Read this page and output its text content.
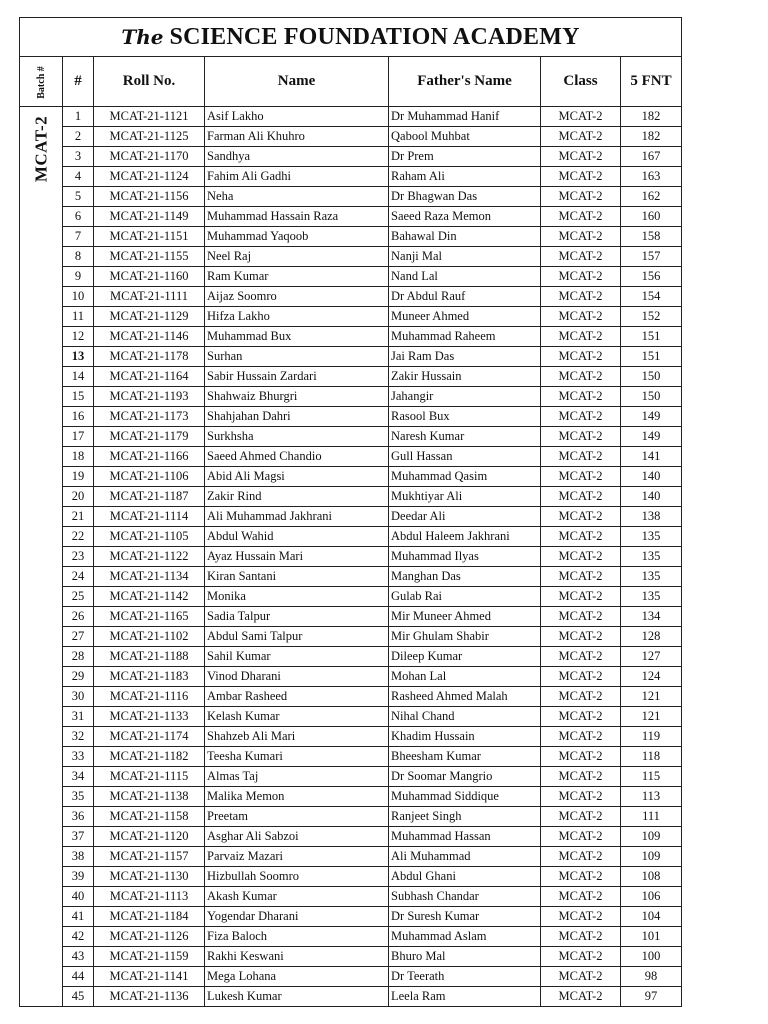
The SCIENCE FOUNDATION ACADEMY						
Batch #	#	Roll No.	Name	Father's Name	Class	5 FNT

MCAT-2	1	MCAT-21-1121	Asif Lakho	Dr Muhammad Hanif	MCAT-2	182
	2	MCAT-21-1125	Farman Ali Khuhro	Qabool Muhbat	MCAT-2	182
	3	MCAT-21-1170	Sandhya	Dr Prem	MCAT-2	167
	4	MCAT-21-1124	Fahim Ali Gadhi	Raham Ali	MCAT-2	163
	5	MCAT-21-1156	Neha	Dr Bhagwan Das	MCAT-2	162
	6	MCAT-21-1149	Muhammad Hassain Raza	Saeed Raza Memon	MCAT-2	160
	7	MCAT-21-1151	Muhammad Yaqoob	Bahawal Din	MCAT-2	158
	8	MCAT-21-1155	Neel Raj	Nanji Mal	MCAT-2	157
	9	MCAT-21-1160	Ram Kumar	Nand Lal	MCAT-2	156
	10	MCAT-21-1111	Aijaz Soomro	Dr Abdul Rauf	MCAT-2	154
	11	MCAT-21-1129	Hifza Lakho	Muneer Ahmed	MCAT-2	152
	12	MCAT-21-1146	Muhammad Bux	Muhammad Raheem	MCAT-2	151
	13	MCAT-21-1178	Surhan	Jai Ram Das	MCAT-2	151
	14	MCAT-21-1164	Sabir Hussain Zardari	Zakir Hussain	MCAT-2	150
	15	MCAT-21-1193	Shahwaiz Bhurgri	Jahangir	MCAT-2	150
	16	MCAT-21-1173	Shahjahan Dahri	Rasool Bux	MCAT-2	149
	17	MCAT-21-1179	Surkhsha	Naresh Kumar	MCAT-2	149
	18	MCAT-21-1166	Saeed Ahmed Chandio	Gull Hassan	MCAT-2	141
	19	MCAT-21-1106	Abid Ali Magsi	Muhammad Qasim	MCAT-2	140
	20	MCAT-21-1187	Zakir Rind	Mukhtiyar Ali	MCAT-2	140
	21	MCAT-21-1114	Ali Muhammad Jakhrani	Deedar Ali	MCAT-2	138
	22	MCAT-21-1105	Abdul Wahid	Abdul Haleem Jakhrani	MCAT-2	135
	23	MCAT-21-1122	Ayaz Hussain Mari	Muhammad Ilyas	MCAT-2	135
	24	MCAT-21-1134	Kiran Santani	Manghan Das	MCAT-2	135
	25	MCAT-21-1142	Monika	Gulab Rai	MCAT-2	135
	26	MCAT-21-1165	Sadia Talpur	Mir Muneer Ahmed	MCAT-2	134
	27	MCAT-21-1102	Abdul Sami Talpur	Mir Ghulam Shabir	MCAT-2	128
	28	MCAT-21-1188	Sahil Kumar	Dileep Kumar	MCAT-2	127
	29	MCAT-21-1183	Vinod Dharani	Mohan Lal	MCAT-2	124
	30	MCAT-21-1116	Ambar Rasheed	Rasheed Ahmed Malah	MCAT-2	121
	31	MCAT-21-1133	Kelash Kumar	Nihal Chand	MCAT-2	121
	32	MCAT-21-1174	Shahzeb Ali Mari	Khadim Hussain	MCAT-2	119
	33	MCAT-21-1182	Teesha Kumari	Bheesham Kumar	MCAT-2	118
	34	MCAT-21-1115	Almas Taj	Dr Soomar Mangrio	MCAT-2	115
	35	MCAT-21-1138	Malika Memon	Muhammad Siddique	MCAT-2	113
	36	MCAT-21-1158	Preetam	Ranjeet Singh	MCAT-2	111
	37	MCAT-21-1120	Asghar Ali Sabzoi	Muhammad Hassan	MCAT-2	109
	38	MCAT-21-1157	Parvaiz Mazari	Ali Muhammad	MCAT-2	109
	39	MCAT-21-1130	Hizbullah Soomro	Abdul Ghani	MCAT-2	108
	40	MCAT-21-1113	Akash Kumar	Subhash Chandar	MCAT-2	106
	41	MCAT-21-1184	Yogendar Dharani	Dr Suresh Kumar	MCAT-2	104
	42	MCAT-21-1126	Fiza Baloch	Muhammad Aslam	MCAT-2	101
	43	MCAT-21-1159	Rakhi Keswani	Bhuro Mal	MCAT-2	100
	44	MCAT-21-1141	Mega Lohana	Dr Teerath	MCAT-2	98
	45	MCAT-21-1136	Lukesh Kumar	Leela Ram	MCAT-2	97
